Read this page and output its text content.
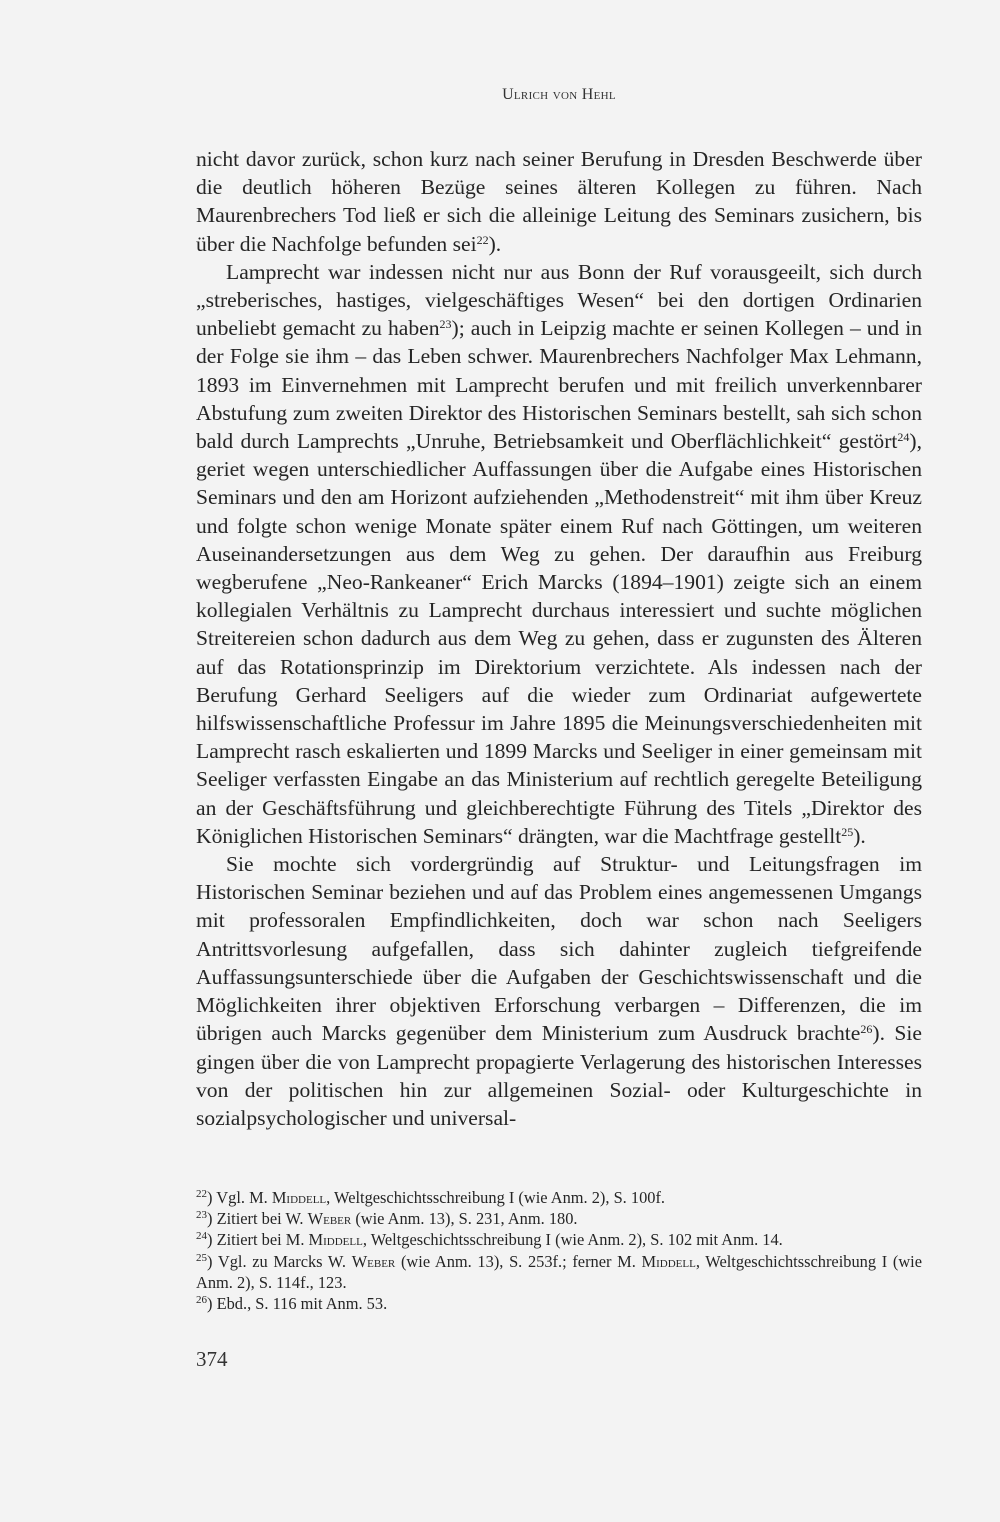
Ulrich von Hehl

nicht davor zurück, schon kurz nach seiner Berufung in Dresden Beschwerde über die deutlich höheren Bezüge seines älteren Kollegen zu führen. Nach Maurenbrechers Tod ließ er sich die alleinige Leitung des Seminars zusichern, bis über die Nachfolge befunden sei$^{22}$).

Lamprecht war indessen nicht nur aus Bonn der Ruf vorausgeeilt, sich durch „streberisches, hastiges, vielgeschäftiges Wesen“ bei den dortigen Ordinarien unbeliebt gemacht zu haben$^{23}$); auch in Leipzig machte er seinen Kollegen – und in der Folge sie ihm – das Leben schwer. Maurenbrechers Nachfolger Max Lehmann, 1893 im Einvernehmen mit Lamprecht berufen und mit freilich unverkennbarer Abstufung zum zweiten Direktor des Historischen Seminars bestellt, sah sich schon bald durch Lamprechts „Unruhe, Betriebsamkeit und Oberflächlichkeit“ gestört$^{24}$), geriet wegen unterschiedlicher Auffassungen über die Aufgabe eines Historischen Seminars und den am Horizont aufziehenden „Methodenstreit“ mit ihm über Kreuz und folgte schon wenige Monate später einem Ruf nach Göttingen, um weiteren Auseinandersetzungen aus dem Weg zu gehen. Der daraufhin aus Freiburg wegberufene „Neo-Rankeaner“ Erich Marcks (1894–1901) zeigte sich an einem kollegialen Verhältnis zu Lamprecht durchaus interessiert und suchte möglichen Streitereien schon dadurch aus dem Weg zu gehen, dass er zugunsten des Älteren auf das Rotationsprinzip im Direktorium verzichtete. Als indessen nach der Berufung Gerhard Seeligers auf die wieder zum Ordinariat aufgewertete hilfswissenschaftliche Professur im Jahre 1895 die Meinungsverschiedenheiten mit Lamprecht rasch eskalierten und 1899 Marcks und Seeliger in einer gemeinsam mit Seeliger verfassten Eingabe an das Ministerium auf rechtlich geregelte Beteiligung an der Geschäftsführung und gleichberechtigte Führung des Titels „Direktor des Königlichen Historischen Seminars“ drängten, war die Machtfrage gestellt$^{25}$).

Sie mochte sich vordergründig auf Struktur- und Leitungsfragen im Historischen Seminar beziehen und auf das Problem eines angemessenen Umgangs mit professoralen Empfindlichkeiten, doch war schon nach Seeligers Antrittsvorlesung aufgefallen, dass sich dahinter zugleich tiefgreifende Auffassungsunterschiede über die Aufgaben der Geschichtswissenschaft und die Möglichkeiten ihrer objektiven Erforschung verbargen – Differenzen, die im übrigen auch Marcks gegenüber dem Ministerium zum Ausdruck brachte$^{26}$). Sie gingen über die von Lamprecht propagierte Verlagerung des historischen Interesses von der politischen hin zur allgemeinen Sozial- oder Kulturgeschichte in sozialpsychologischer und universal-

$^{22}$) Vgl. M. Middell, Weltgeschichtsschreibung I (wie Anm. 2), S. 100f.

$^{23}$) Zitiert bei W. Weber (wie Anm. 13), S. 231, Anm. 180.

$^{24}$) Zitiert bei M. Middell, Weltgeschichtsschreibung I (wie Anm. 2), S. 102 mit Anm. 14.

$^{25}$) Vgl. zu Marcks W. Weber (wie Anm. 13), S. 253f.; ferner M. Middell, Weltgeschichtsschreibung I (wie Anm. 2), S. 114f., 123.

$^{26}$) Ebd., S. 116 mit Anm. 53.

374
